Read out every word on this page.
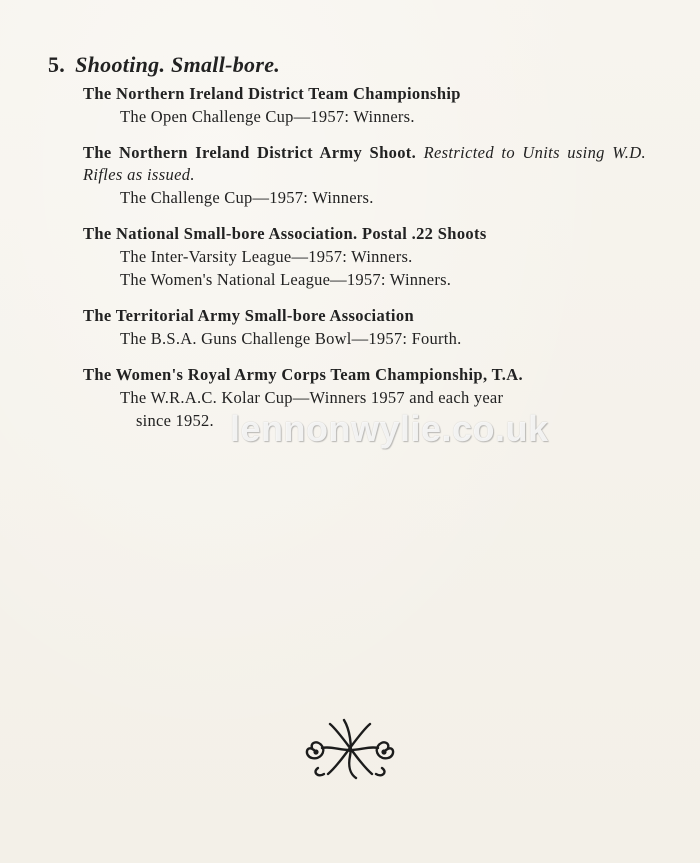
5. Shooting. Small-bore.
The Northern Ireland District Team Championship
The Open Challenge Cup—1957: Winners.
The Northern Ireland District Army Shoot. Restricted to Units using W.D. Rifles as issued.
The Challenge Cup—1957: Winners.
The National Small-bore Association. Postal .22 Shoots
The Inter-Varsity League—1957: Winners.
The Women's National League—1957: Winners.
The Territorial Army Small-bore Association
The B.S.A. Guns Challenge Bowl—1957: Fourth.
The Women's Royal Army Corps Team Championship, T.A.
The W.R.A.C. Kolar Cup—Winners 1957 and each year
since 1952. lennonwylie.co.uk
